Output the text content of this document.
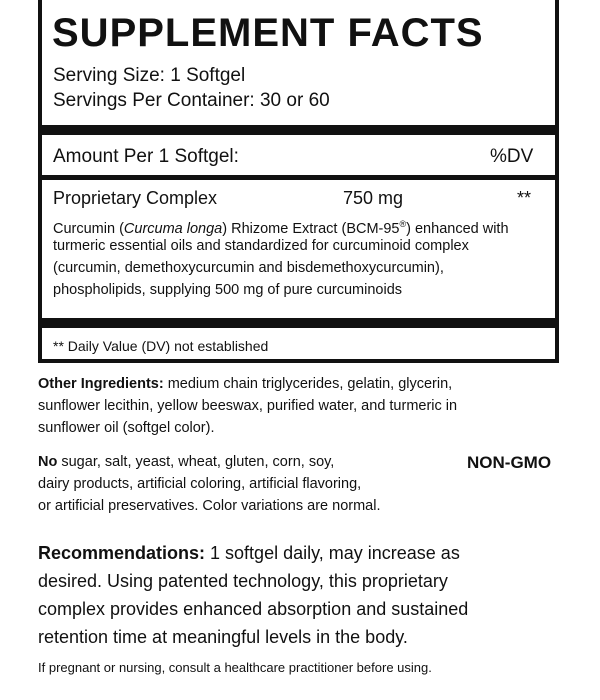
SUPPLEMENT FACTS
Serving Size: 1 Softgel
Servings Per Container: 30 or 60
Amount Per 1 Softgel:	%DV
Proprietary Complex	750 mg	**
Curcumin (Curcuma longa) Rhizome Extract (BCM-95®) enhanced with
turmeric essential oils and standardized for curcuminoid complex
(curcumin, demethoxycurcumin and bisdemethoxycurcumin),
phospholipids, supplying 500 mg of pure curcuminoids
** Daily Value (DV) not established
Other Ingredients: medium chain triglycerides, gelatin, glycerin,
sunflower lecithin, yellow beeswax, purified water, and turmeric in
sunflower oil (softgel color).
No sugar, salt, yeast, wheat, gluten, corn, soy,
dairy products, artificial coloring, artificial flavoring,
or artificial preservatives. Color variations are normal.
NON-GMO
Recommendations: 1 softgel daily, may increase as
desired. Using patented technology, this proprietary
complex provides enhanced absorption and sustained
retention time at meaningful levels in the body.
If pregnant or nursing, consult a healthcare practitioner before using.
